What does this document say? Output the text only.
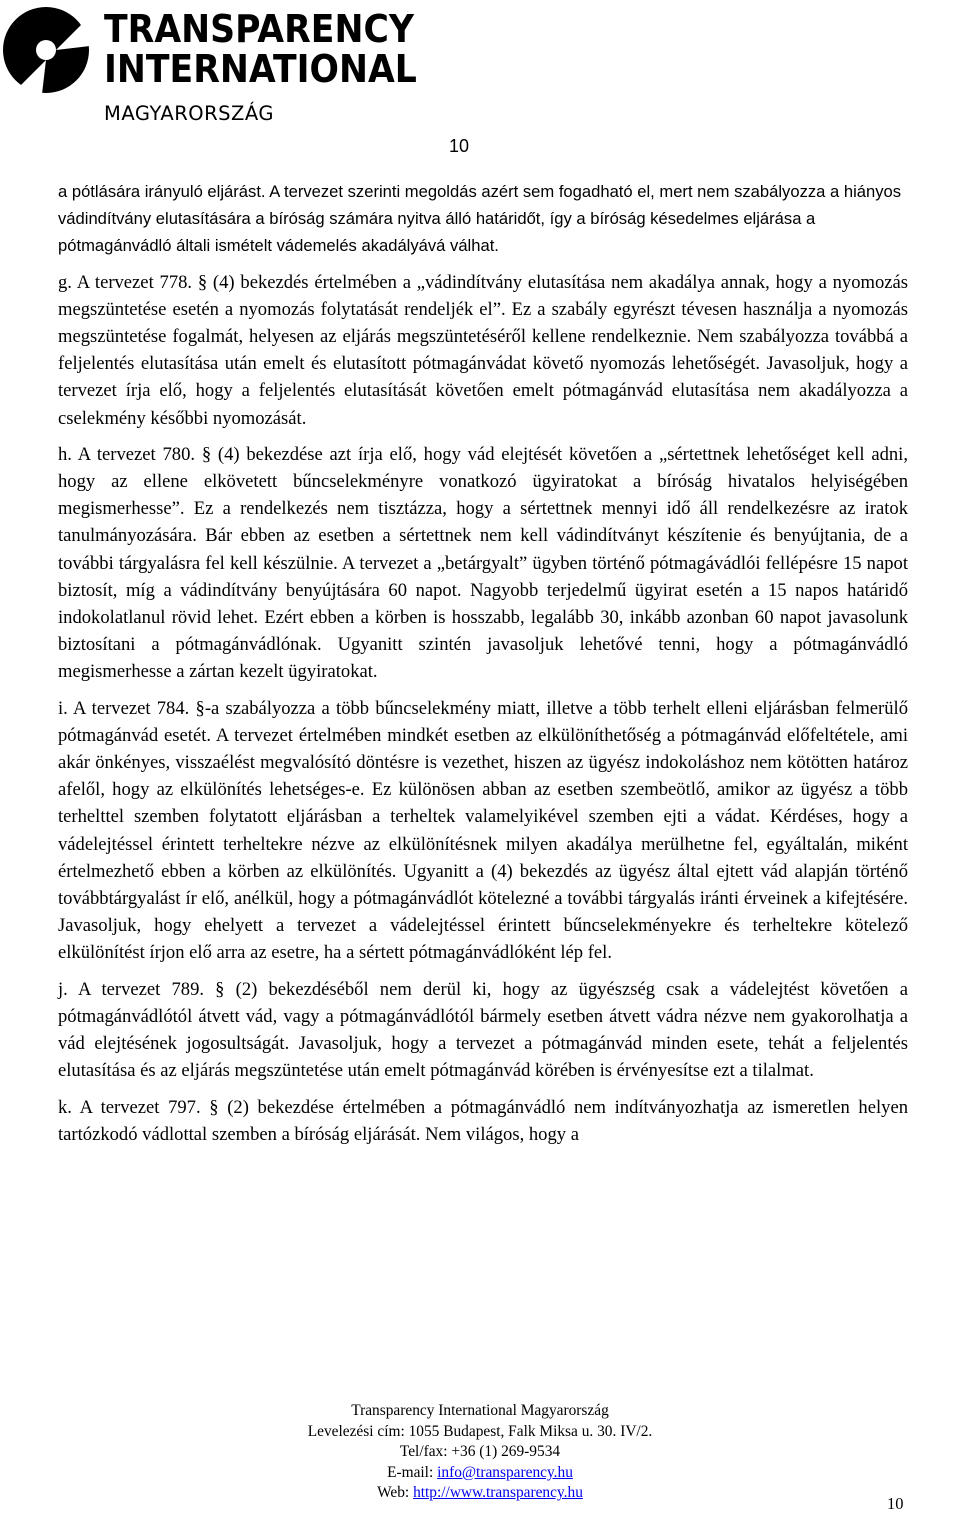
TRANSPARENCY
INTERNATIONAL
MAGYARORSZÁG
10

a pótlására irányuló eljárást. A tervezet szerinti megoldás azért sem fogadható el, mert nem szabályozza a hiányos vádindítvány elutasítására a bíróság számára nyitva álló határidőt, így a bíróság késedelmes eljárása a pótmagánvádló általi ismételt vádemelés akadályává válhat.

g. A tervezet 778. § (4) bekezdés értelmében a „vádindítvány elutasítása nem akadálya annak, hogy a nyomozás megszüntetése esetén a nyomozás folytatását rendeljék el”. Ez a szabály egyrészt tévesen használja a nyomozás megszüntetése fogalmát, helyesen az eljárás megszüntetéséről kellene rendelkeznie. Nem szabályozza továbbá a feljelentés elutasítása után emelt és elutasított pótmagánvádat követő nyomozás lehetőségét. Javasoljuk, hogy a tervezet írja elő, hogy a feljelentés elutasítását követően emelt pótmagánvád elutasítása nem akadályozza a cselekmény későbbi nyomozását.

h. A tervezet 780. § (4) bekezdése azt írja elő, hogy vád elejtését követően a „sértettnek lehetőséget kell adni, hogy az ellene elkövetett bűncselekményre vonatkozó ügyiratokat a bíróság hivatalos helyiségében megismerhesse”. Ez a rendelkezés nem tisztázza, hogy a sértettnek mennyi idő áll rendelkezésre az iratok tanulmányozására. Bár ebben az esetben a sértettnek nem kell vádindítványt készítenie és benyújtania, de a további tárgyalásra fel kell készülnie. A tervezet a „betárgyalt” ügyben történő pótmagávádlói fellépésre 15 napot biztosít, míg a vádindítvány benyújtására 60 napot. Nagyobb terjedelmű ügyirat esetén a 15 napos határidő indokolatlanul rövid lehet. Ezért ebben a körben is hosszabb, legalább 30, inkább azonban 60 napot javasolunk biztosítani a pótmagánvádlónak. Ugyanitt szintén javasoljuk lehetővé tenni, hogy a pótmagánvádló megismerhesse a zártan kezelt ügyiratokat.

i. A tervezet 784. §-a szabályozza a több bűncselekmény miatt, illetve a több terhelt elleni eljárásban felmerülő pótmagánvád esetét. A tervezet értelmében mindkét esetben az elkülöníthetőség a pótmagánvád előfeltétele, ami akár önkényes, visszaélést megvalósító döntésre is vezethet, hiszen az ügyész indokoláshoz nem kötötten határoz afelől, hogy az elkülönítés lehetséges-e. Ez különösen abban az esetben szembeötlő, amikor az ügyész a több terhelttel szemben folytatott eljárásban a terheltek valamelyikével szemben ejti a vádat. Kérdéses, hogy a vádelejtéssel érintett terheltekre nézve az elkülönítésnek milyen akadálya merülhetne fel, egyáltalán, miként értelmezhető ebben a körben az elkülönítés. Ugyanitt a (4) bekezdés az ügyész által ejtett vád alapján történő továbbtárgyalást ír elő, anélkül, hogy a pótmagánvádlót kötelezné a további tárgyalás iránti érveinek a kifejtésére. Javasoljuk, hogy ehelyett a tervezet a vádelejtéssel érintett bűncselekményekre és terheltekre kötelező elkülönítést írjon elő arra az esetre, ha a sértett pótmagánvádlóként lép fel.

j. A tervezet 789. § (2) bekezdéséből nem derül ki, hogy az ügyészség csak a vádelejtést követően a pótmagánvádlótól átvett vád, vagy a pótmagánvádlótól bármely esetben átvett vádra nézve nem gyakorolhatja a vád elejtésének jogosultságát. Javasoljuk, hogy a tervezet a pótmagánvád minden esete, tehát a feljelentés elutasítása és az eljárás megszüntetése után emelt pótmagánvád körében is érvényesítse ezt a tilalmat.

k. A tervezet 797. § (2) bekezdése értelmében a pótmagánvádló nem indítványozhatja az ismeretlen helyen tartózkodó vádlottal szemben a bíróság eljárását. Nem világos, hogy a

Transparency International Magyarország
Levelezési cím: 1055 Budapest, Falk Miksa u. 30. IV/2.
Tel/fax: +36 (1) 269-9534
E-mail: info@transparency.hu
Web: http://www.transparency.hu
10
